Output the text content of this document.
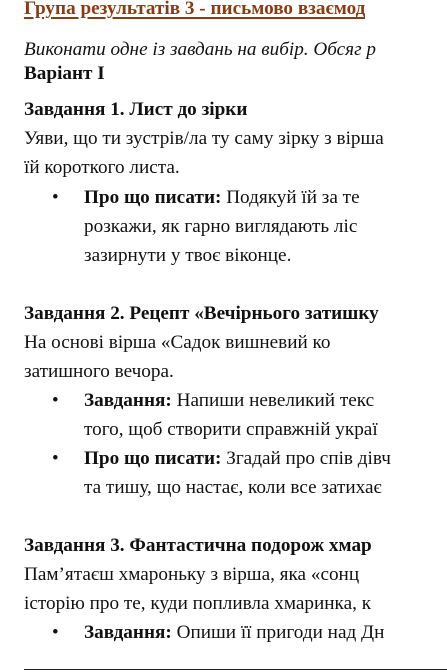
Група результатів 3 - письмово взаємод
Виконати одне із завдань на вибір. Обсяг р
Варіант І
Завдання 1. Лист до зірки
Уяви, що ти зустрів/ла ту саму зірку з вірша
їй короткого листа.
• Про що писати: Подякуй їй за те
розкажи, як гарно виглядають ліс
зазирнути у твоє віконце.
Завдання 2. Рецепт «Вечірнього затишку
На основі вірша «Садок вишневий ко
затишного вечора.
• Завдання: Напиши невеликий текс
того, щоб створити справжній украї
• Про що писати: Згадай про спів дівч
та тишу, що настає, коли все затихає
Завдання 3. Фантастична подорож хмар
Пам’ятаєш хмароньку з вірша, яка «сонц
історію про те, куди попливла хмаринка, к
• Завдання: Опиши її пригоди над Дн
